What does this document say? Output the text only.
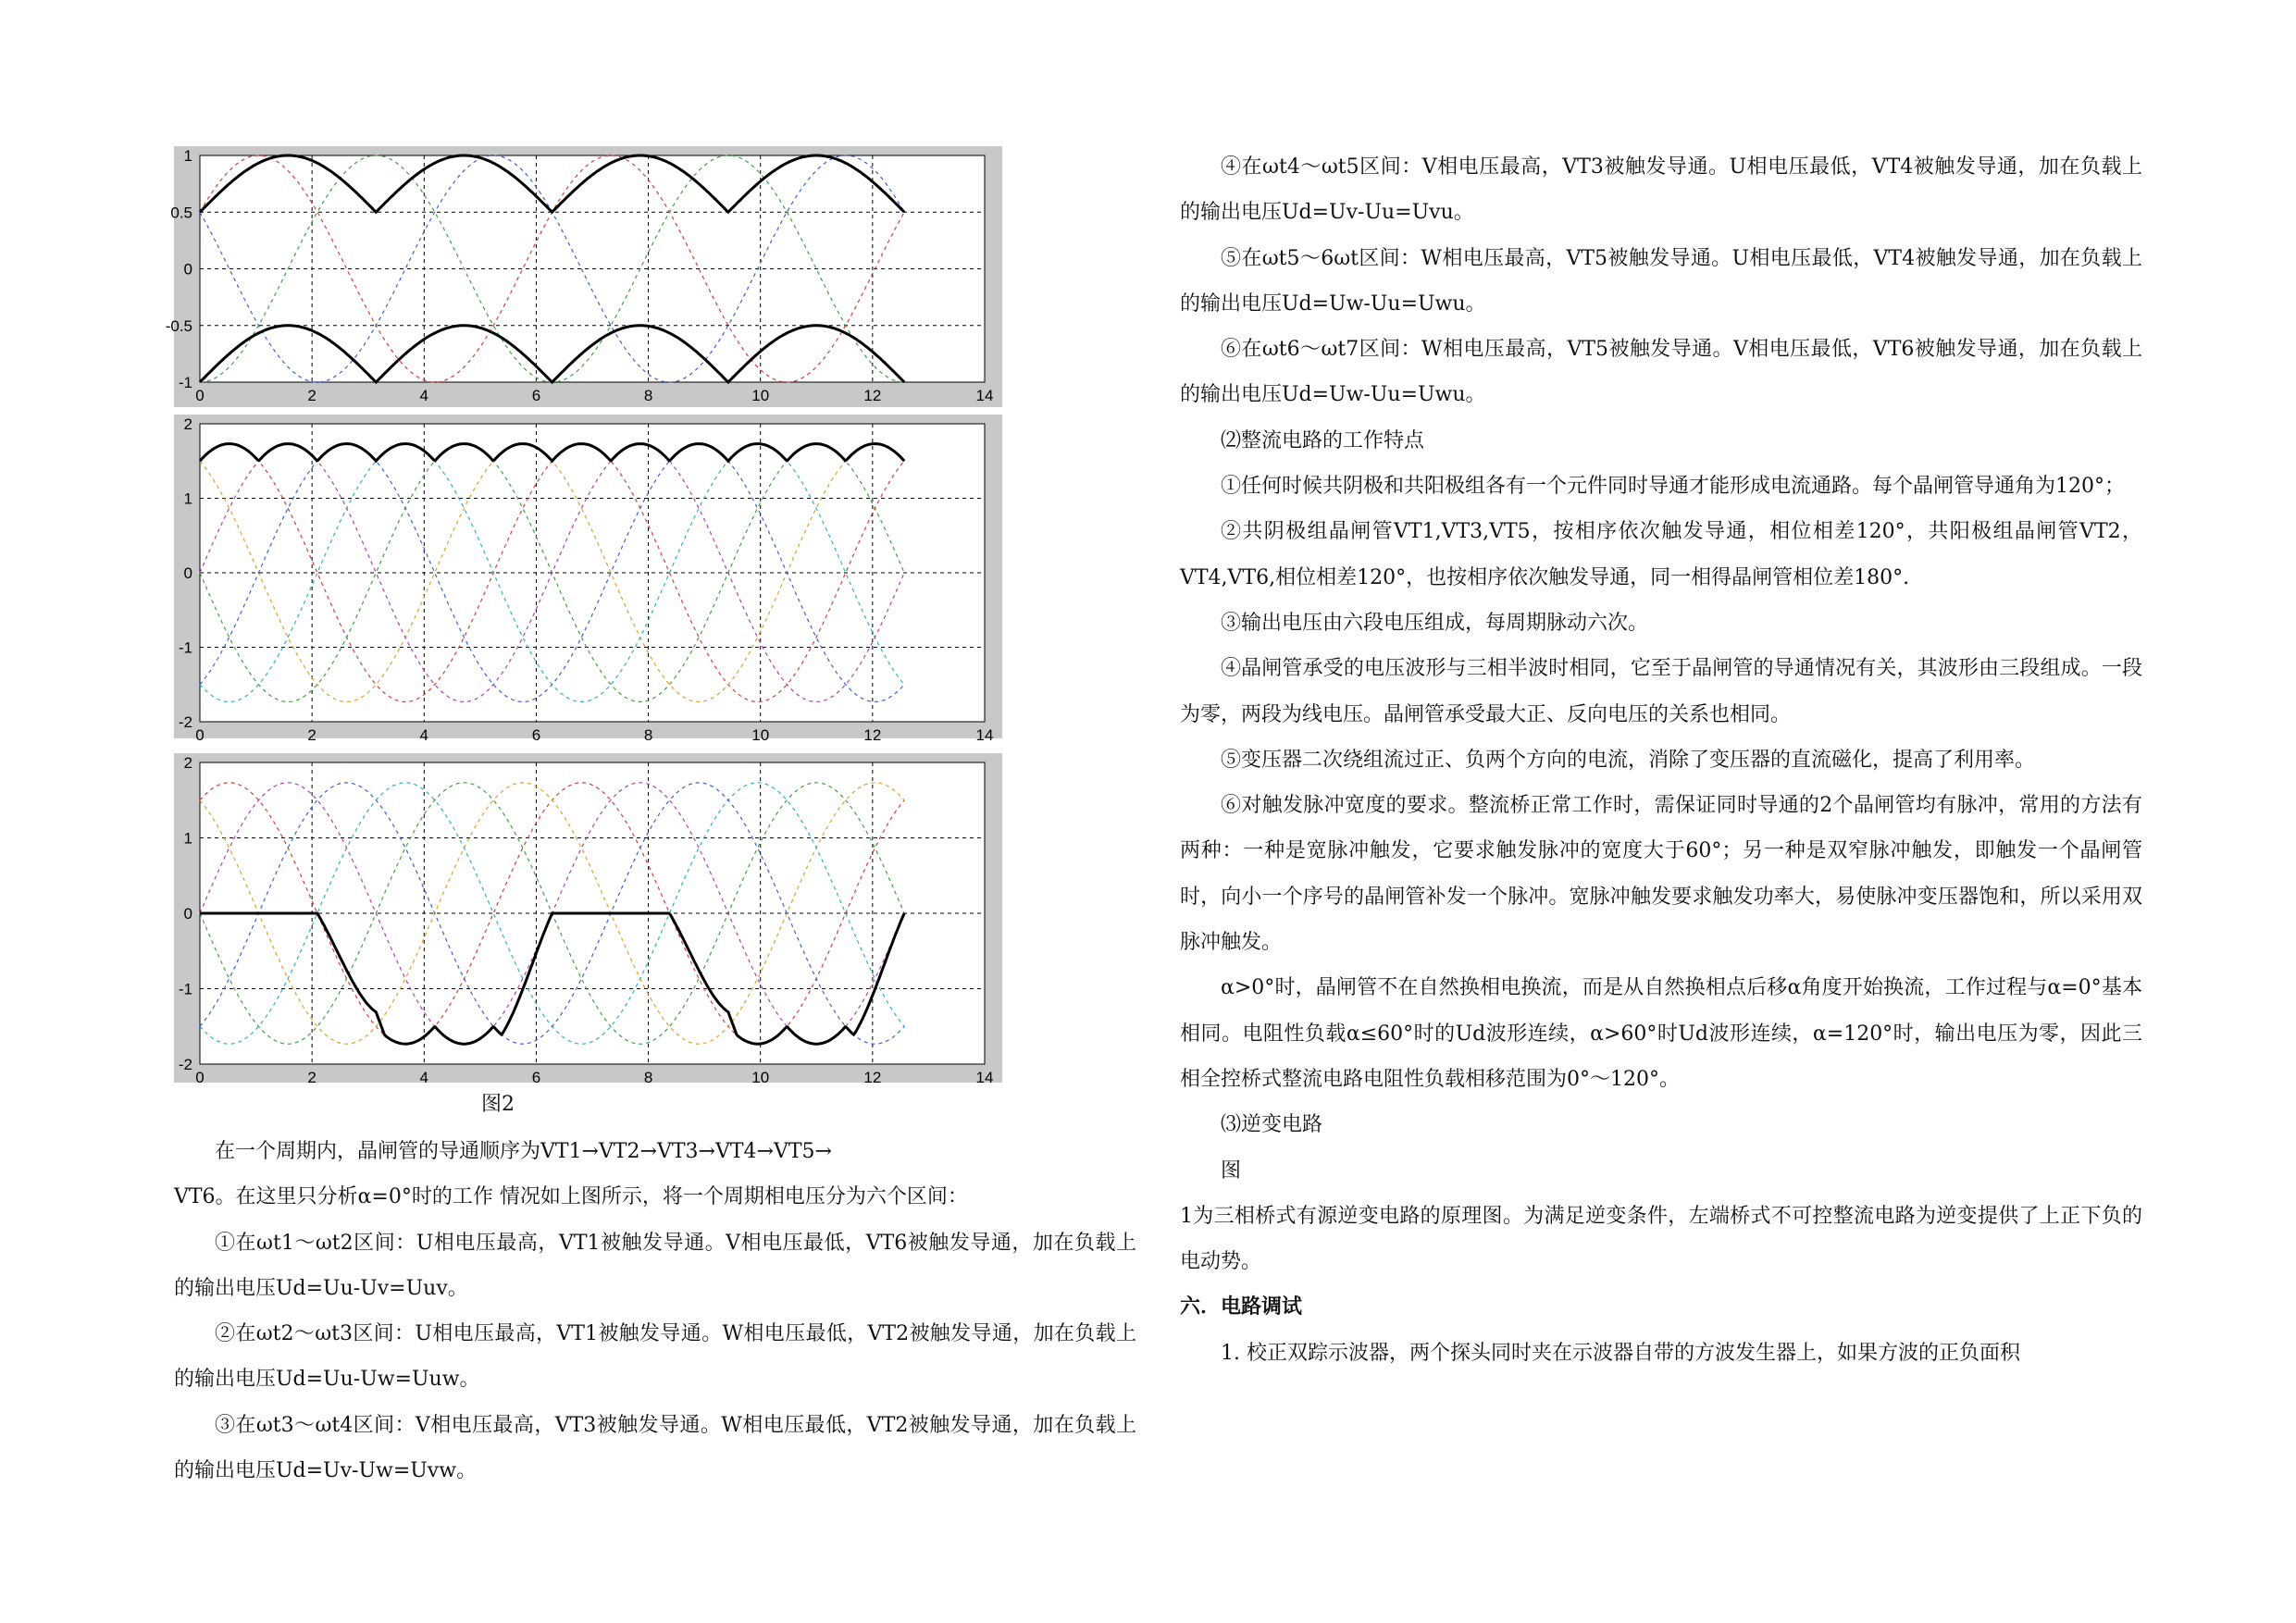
0	2	4	6	8	10	12	14
1
0.5
0
-0.5
-1
0	2	4	6	8	10	12	14
2
1
0
-1
-2
0	2	4	6	8	10	12	14
2
1
0
-1
-2
图2

在一个周期内，晶闸管的导通顺序为VT1→VT2→VT3→VT4→VT5→

VT6。在这里只分析α=0°时的工作 情况如上图所示，将一个周期相电压分为六个区间：

①在ωt1～ωt2区间：U相电压最高，VT1被触发导通。V相电压最低，VT6被触发导通，加在负载上的输出电压Ud=Uu-Uv=Uuv。

②在ωt2～ωt3区间：U相电压最高，VT1被触发导通。W相电压最低，VT2被触发导通，加在负载上的输出电压Ud=Uu-Uw=Uuw。

③在ωt3～ωt4区间：V相电压最高，VT3被触发导通。W相电压最低，VT2被触发导通，加在负载上的输出电压Ud=Uv-Uw=Uvw。

④在ωt4～ωt5区间：V相电压最高，VT3被触发导通。U相电压最低，VT4被触发导通，加在负载上的输出电压Ud=Uv-Uu=Uvu。

⑤在ωt5～6ωt区间：W相电压最高，VT5被触发导通。U相电压最低，VT4被触发导通，加在负载上的输出电压Ud=Uw-Uu=Uwu。

⑥在ωt6～ωt7区间：W相电压最高，VT5被触发导通。V相电压最低，VT6被触发导通，加在负载上的输出电压Ud=Uw-Uu=Uwu。

⑵整流电路的工作特点

①任何时候共阴极和共阳极组各有一个元件同时导通才能形成电流通路。每个晶闸管导通角为120°；

②共阴极组晶闸管VT1,VT3,VT5，按相序依次触发导通，相位相差120°，共阳极组晶闸管VT2，VT4,VT6,相位相差120°，也按相序依次触发导通，同一相得晶闸管相位差180°.

③输出电压由六段电压组成，每周期脉动六次。

④晶闸管承受的电压波形与三相半波时相同，它至于晶闸管的导通情况有关，其波形由三段组成。一段为零，两段为线电压。晶闸管承受最大正、反向电压的关系也相同。

⑤变压器二次绕组流过正、负两个方向的电流，消除了变压器的直流磁化，提高了利用率。

⑥对触发脉冲宽度的要求。整流桥正常工作时，需保证同时导通的2个晶闸管均有脉冲，常用的方法有两种：一种是宽脉冲触发，它要求触发脉冲的宽度大于60°；另一种是双窄脉冲触发，即触发一个晶闸管时，向小一个序号的晶闸管补发一个脉冲。宽脉冲触发要求触发功率大，易使脉冲变压器饱和，所以采用双脉冲触发。

α>0°时，晶闸管不在自然换相电换流，而是从自然换相点后移α角度开始换流，工作过程与α=0°基本相同。电阻性负载α≤60°时的Ud波形连续，α>60°时Ud波形连续，α=120°时，输出电压为零，因此三相全控桥式整流电路电阻性负载相移范围为0°～120°。

⑶逆变电路

图

1为三相桥式有源逆变电路的原理图。为满足逆变条件，左端桥式不可控整流电路为逆变提供了上正下负的电动势。

六．电路调试

1. 校正双踪示波器，两个探头同时夹在示波器自带的方波发生器上，如果方波的正负面积
